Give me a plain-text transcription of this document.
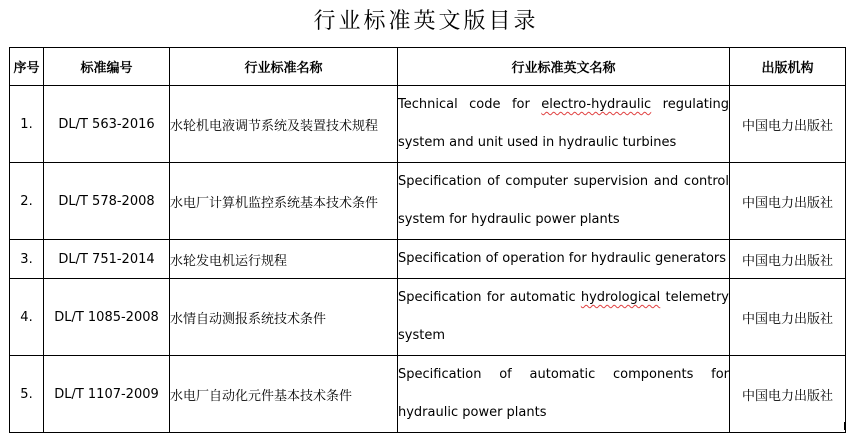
行业标准英文版目录
序号	标准编号	行业标准名称	行业标准英文名称	出版机构
1.	DL/T 563-2016	水轮机电液调节系统及装置技术规程	Technical code for electro-hydraulic regulating system and unit used in hydraulic turbines	中国电力出版社
2.	DL/T 578-2008	水电厂计算机监控系统基本技术条件	Specification of computer supervision and control system for hydraulic power plants	中国电力出版社
3.	DL/T 751-2014	水轮发电机运行规程	Specification of operation for hydraulic generators	中国电力出版社
4.	DL/T 1085-2008	水情自动测报系统技术条件	Specification for automatic hydrological telemetry system	中国电力出版社
5.	DL/T 1107-2009	水电厂自动化元件基本技术条件	Specification of automatic components for hydraulic power plants	中国电力出版社
